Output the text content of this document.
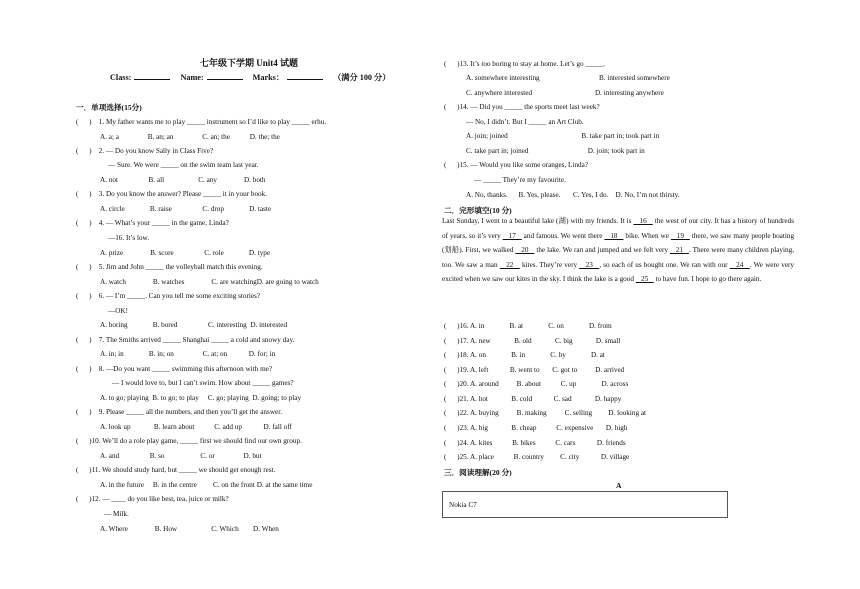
七年级下学期 Unit4 试题
Class:	Name:	Marks：	（满分 100 分）
一．单项选择(15分)
二．完形填空(10 分)
三．阅读理解(20 分)
(      )    1. My father wants me to play _____ instrument so I’d like to play _____ erhu.
A. a; a                B. an; an                C. an; the           D. the; the
(      )    2. — Do you know Sally in Class Five?
— Sure. We were _____ on the swim team last year.
A. not                 B. all                   C. any               D. both
(      )    3. Do you know the answer? Please _____ it in your book.
A. circle              B. raise                 C. drop              D. taste
(      )    4. — What’s your _____ in the game, Linda?
—16. It’s low.
A. prize               B. score                 C. role              D. type
(      )    5. Jim and John _____ the volleyball match this evening.
A. watch               B. watches               C. are watchingD. are going to watch
(      )    6. — I’m _____. Can you tell me some exciting stories?
—OK!
A. boring              B. bored                 C. interesting  D. interested
(      )    7. The Smiths arrived _____ Shanghai _____ a cold and snowy day.
A. in; in              B. in; on                C. at; on            D. for; in
(      )    8. —Do you want _____ swimming this afternoon with me?
— I would love to, but I can’t swim. How about _____ games?
A. to go; playing  B. to go; to play     C. go; playing  D. going; to play
(      )    9. Please _____ all the numbers, and then you’ll get the answer.
A. look up             B. learn about           C. add up            D. fall off
(      )10. We’ll do a role play game, _____ first we should find our own group.
A. and                 B. so                    C. or                D. but
(      )11. We should study hard, but _____ we should get enough rest.
A. in the future     B. in the centre         C. on the front D. at the same time
(      )12. — ____ do you like best, tea, juice or milk?
— Milk.
A. Where               B. How                   C. Which        D. When
(      )13. It’s too boring to stay at home. Let’s go _____.
A. somewhere interesting                                 B. interested somewhere
C. anywhere interested                                   D. interesting anywhere
(      )14. — Did you _____ the sports meet last week?
— No, I didn’t. But I _____ an Art Club.
A. join; joined                                         B. take part in; took part in
C. take part in; joined                                 D. join; took part in
(      )15. — Would you like some oranges, Linda?
— _____ They’re my favourite.
A. No, thanks.      B. Yes, please.       C. Yes, I do.    D. No, I’m not thirsty.
(      )16. A. in              B. at              C. on              D. from
(      )17. A. new             B. old             C. big             D. small
(      )18. A. on              B. in              C. by              D. at
(      )19. A. left            B. went to       C. got to          D. arrived
(      )20. A. around          B. about           C. up              D. across
(      )21. A. hot             B. cold            C. sad             D. happy
(      )22. A. buying          B. making          C. selling         D. looking at
(      )23. A. big             B. cheap           C. expensive       D. high
(      )24. A. kites           B. bikes           C. cars            D. friends
(      )25. A. place           B. country         C. city            D. village
Last Sunday, I went to a beautiful lake (湖) with my friends. It is    16    the west of our city. It has a history of hundreds of years, so it’s very    17    and famous. We went there    18    bike. When we    19    there, we saw many people boating (划船). First, we walked    20    the lake. We ran and jumped and we felt very    21   . There were many children playing, too. We saw a man    22    kites. They’re very    23   , so each of us bought one. We ran with our    24   . We were very excited when we saw our kites in the sky. I think the lake is a good    25    to have fun. I hope to go there again.
A
Nokia C7
